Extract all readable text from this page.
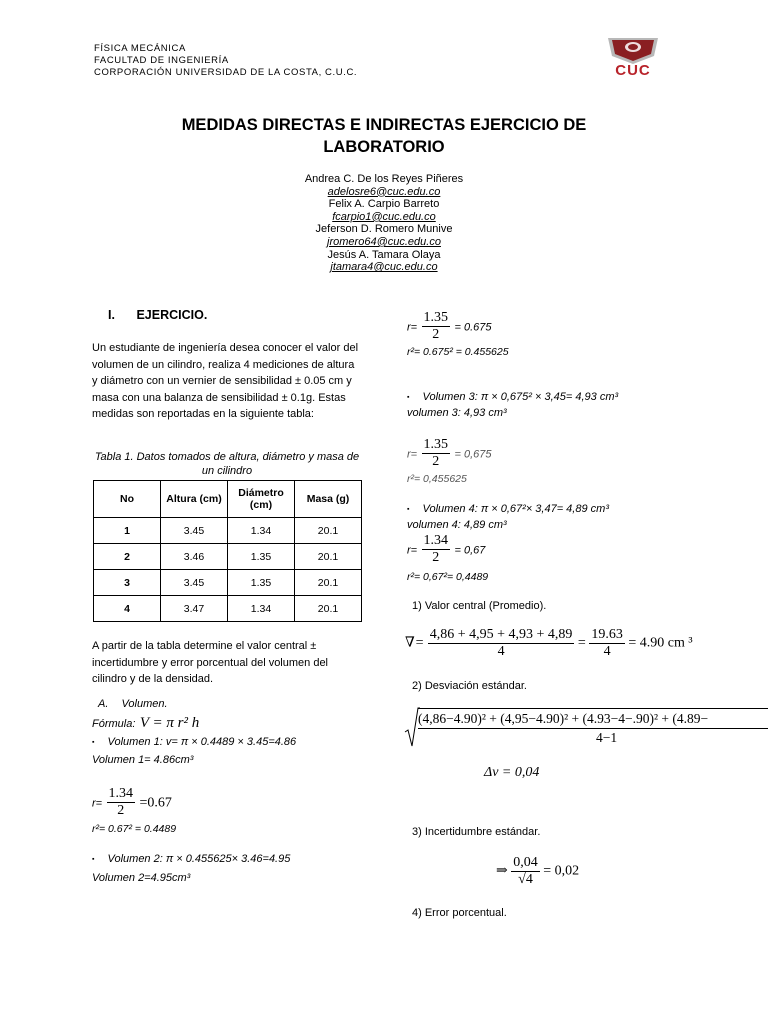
FÍSICA MECÁNICA
FACULTAD DE INGENIERÍA
CORPORACIÓN UNIVERSIDAD DE LA COSTA, C.U.C.	CUC
MEDIDAS DIRECTAS E INDIRECTAS EJERCICIO DE
LABORATORIO
Andrea C. De los Reyes Piñeres
adelosre6@cuc.edu.co
Felix A. Carpio Barreto
fcarpio1@cuc.edu.co
Jeferson D. Romero Munive
jromero64@cuc.edu.co
Jesús A. Tamara Olaya
jtamara4@cuc.edu.co
I. EJERCICIO.
Un estudiante de ingeniería desea conocer el valor del volumen de un cilindro, realiza 4 mediciones de altura y diámetro con un vernier de sensibilidad ± 0.05 cm y masa con una balanza de sensibilidad ± 0.1g. Estas medidas son reportadas en la siguiente tabla:
Tabla 1. Datos tomados de altura, diámetro y masa de un cilindro
No	Altura (cm)	Diámetro (cm)	Masa (g)
1	3.45	1.34	20.1
2	3.46	1.35	20.1
3	3.45	1.35	20.1
4	3.47	1.34	20.1
A partir de la tabla determine el valor central ± incertidumbre y error porcentual del volumen del cilindro y de la densidad.
A. Volumen.
Fórmula: V = π r² h
▪ Volumen 1: v= π × 0.4489 × 3.45=4.86
Volumen 1= 4.86cm³
$r= \frac{1.34}{2} =0.67$
r²= 0.67² = 0.4489
▪ Volumen 2: π × 0.455625× 3.46=4.95
Volumen 2=4.95cm³
$r= \frac{1.35}{2} = 0.675$
r²= 0.675² = 0.455625
▪ Volumen 3: π × 0,675² × 3,45= 4,93 cm³
volumen 3: 4,93 cm³
$r= \frac{1.35}{2} = 0,675$
r²= 0,455625
▪ Volumen 4: π × 0,67²× 3,47= 4,89 cm³
volumen 4: 4,89 cm³
$r= \frac{1.34}{2} = 0,67$
r²= 0,67²= 0,4489
1) Valor central (Promedio).
∇= $\frac{4,86 + 4,95 + 4,93 + 4,89}{4} = \frac{19.63}{4} = 4.90$ cm ³
2) Desviación estándar.
(4,86−4.90)² + (4,95−4.90)² + (4.93−4−.90)² + (4.89−
4−1
Δv = 0,04
3) Incertidumbre estándar.
⇒ $\frac{0,04}{√4} = 0,02$
4) Error porcentual.
